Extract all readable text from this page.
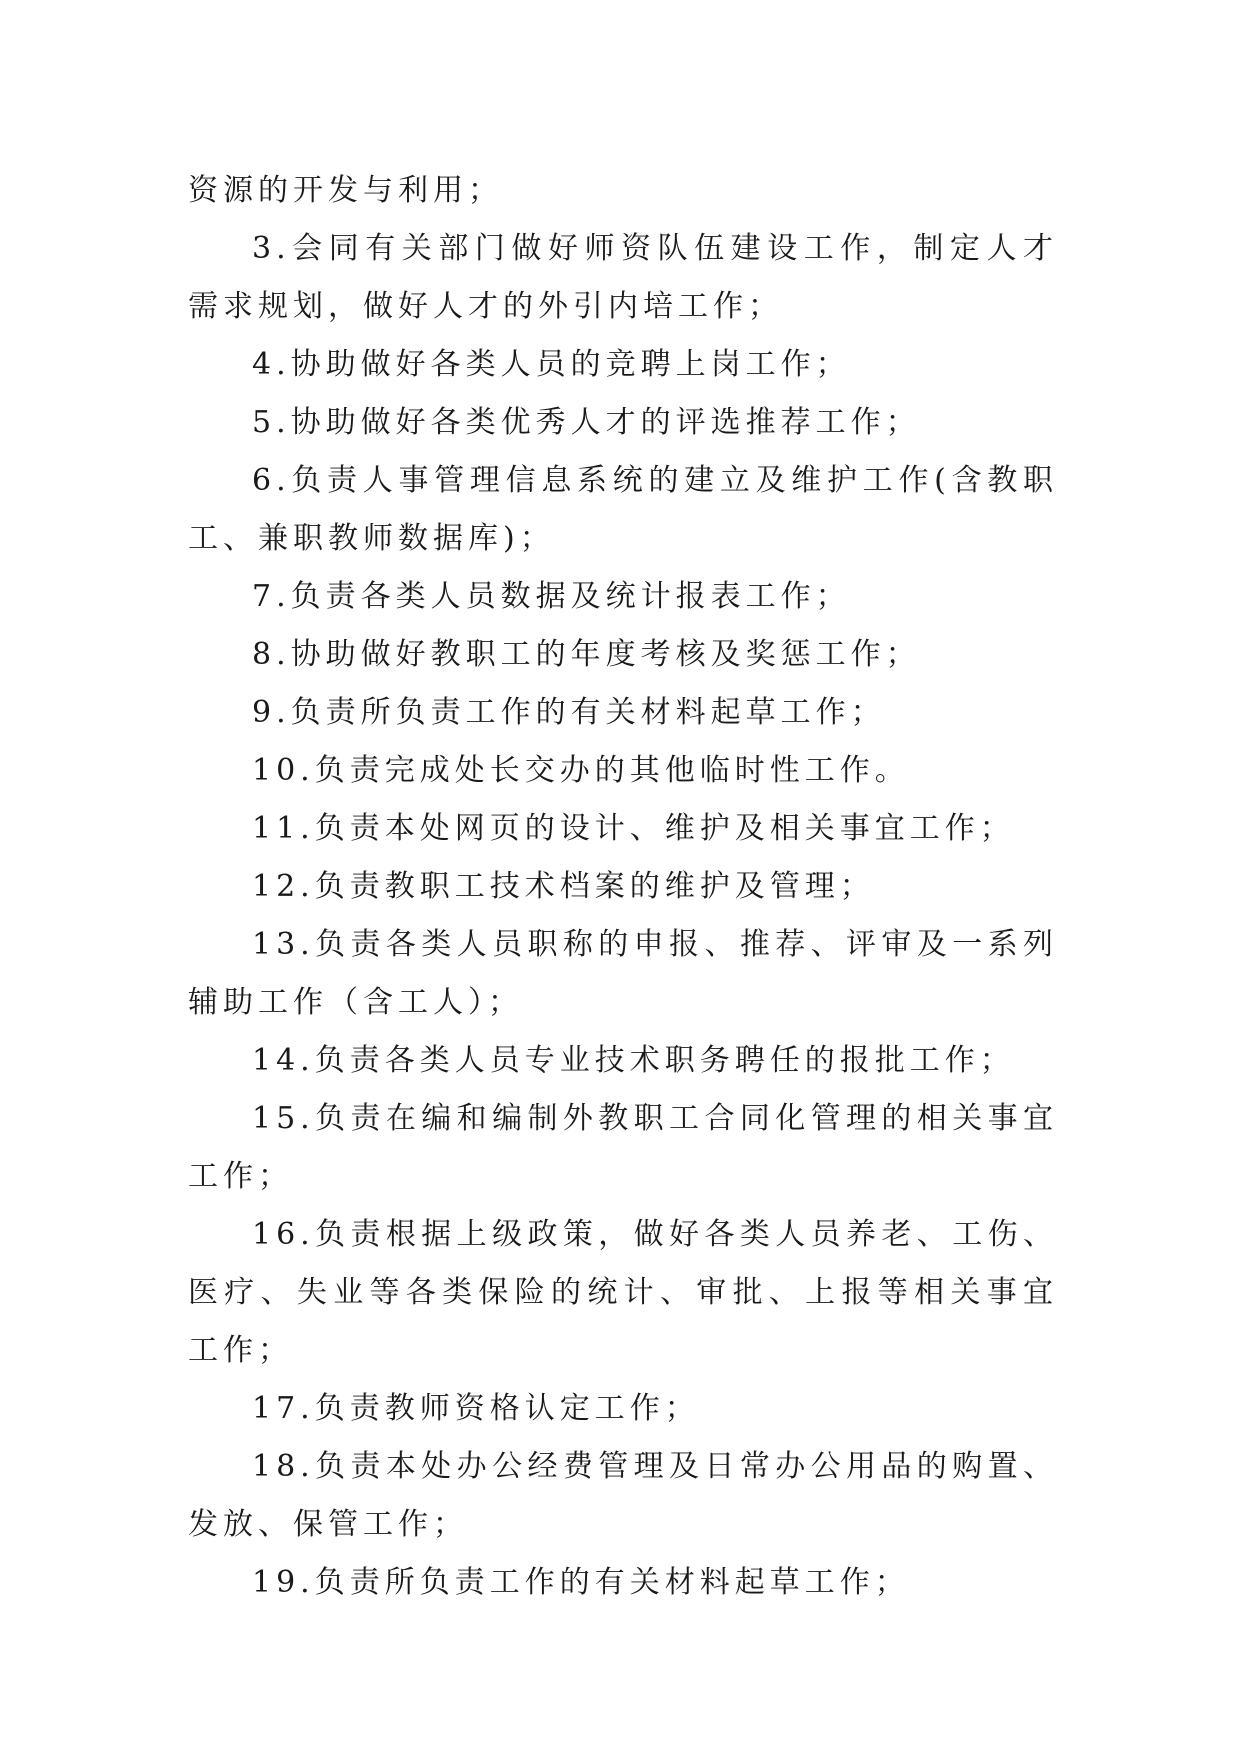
资源的开发与利用；

3.会同有关部门做好师资队伍建设工作，制定人才需求规划，做好人才的外引内培工作；

4.协助做好各类人员的竞聘上岗工作；

5.协助做好各类优秀人才的评选推荐工作；

6.负责人事管理信息系统的建立及维护工作(含教职工、兼职教师数据库)；

7.负责各类人员数据及统计报表工作；

8.协助做好教职工的年度考核及奖惩工作；

9.负责所负责工作的有关材料起草工作；

10.负责完成处长交办的其他临时性工作。

11.负责本处网页的设计、维护及相关事宜工作；

12.负责教职工技术档案的维护及管理；

13.负责各类人员职称的申报、推荐、评审及一系列辅助工作（含工人）；

14.负责各类人员专业技术职务聘任的报批工作；

15.负责在编和编制外教职工合同化管理的相关事宜工作；

16.负责根据上级政策，做好各类人员养老、工伤、医疗、失业等各类保险的统计、审批、上报等相关事宜工作；

17.负责教师资格认定工作；

18.负责本处办公经费管理及日常办公用品的购置、发放、保管工作；

19.负责所负责工作的有关材料起草工作；
